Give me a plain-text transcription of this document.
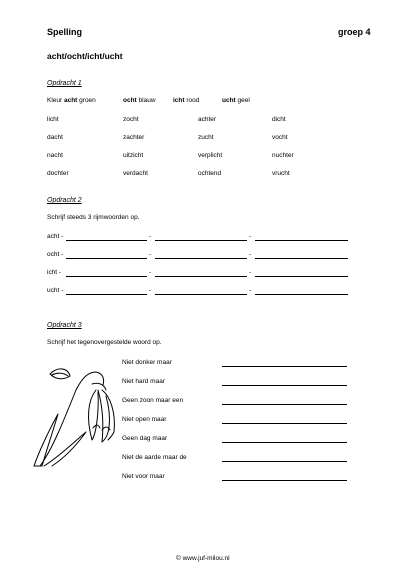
Spelling	groep 4
acht/ocht/icht/ucht
Opdracht 1
Kleur acht groen	ocht blauw	icht rood	ucht geel
licht	zocht	achter	dicht
dacht	zachter	zucht	vocht
nacht	uitzicht	verplicht	nuchter
dochter	verdacht	ochtend	vrucht
Opdracht 2
Schrijf steeds 3 rijmwoorden op.
acht -	-	-
ocht -	-	-
icht -	-	-
ucht -	-	-
Opdracht 3
Schrijf het tegenovergestelde woord op.
Niet donker maar
Niet hard maar
Geen zoon maar een
Niet open maar
Geen dag maar
Niet de aarde maar de
Niet voor maar
© www.juf-milou.nl
